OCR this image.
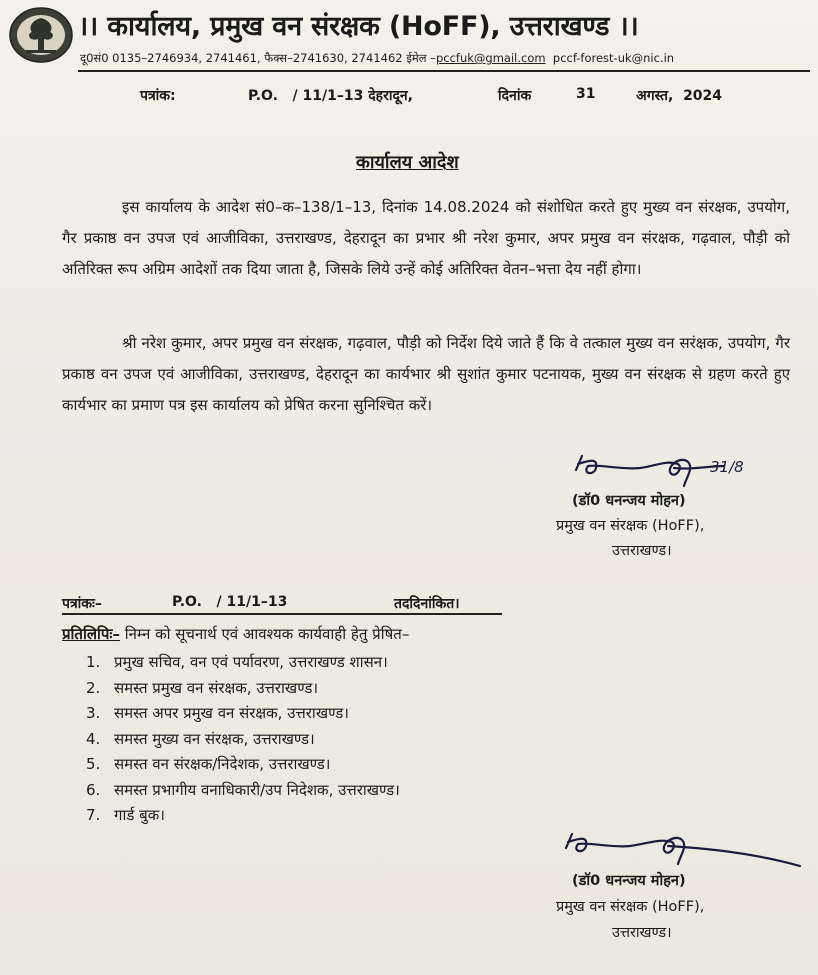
।। कार्यालय, प्रमुख वन संरक्षक (HoFF), उत्तराखण्ड ।।
दू0सं0 0135–2746934, 2741461, फैक्स–2741630, 2741462 ईमेल –pccfuk@gmail.com pccf-forest-uk@nic.in
पत्रांक:	P.O.   / 11/1–13 देहरादून,	दिनांक	31	अगस्त,  2024
कार्यालय आदेश
इस कार्यालय के आदेश सं0–क–138/1–13, दिनांक 14.08.2024 को संशोधित करते हुए मुख्य वन संरक्षक, उपयोग, गैर प्रकाष्ठ वन उपज एवं आजीविका, उत्तराखण्ड, देहरादून का प्रभार श्री नरेश कुमार, अपर प्रमुख वन संरक्षक, गढ़वाल, पौड़ी को अतिरिक्त रूप अग्रिम आदेशों तक दिया जाता है, जिसके लिये उन्हें कोई अतिरिक्त वेतन–भत्ता देय नहीं होगा।
श्री नरेश कुमार, अपर प्रमुख वन संरक्षक, गढ़वाल, पौड़ी को निर्देश दिये जाते हैं कि वे तत्काल मुख्य वन सरंक्षक, उपयोग, गैर प्रकाष्ठ वन उपज एवं आजीविका, उत्तराखण्ड, देहरादून का कार्यभार श्री सुशांत कुमार पटनायक, मुख्य वन संरक्षक से ग्रहण करते हुए कार्यभार का प्रमाण पत्र इस कार्यालय को प्रेषित करना सुनिश्चित करें।
31/8
(डॉ0 धनन्जय मोहन)
प्रमुख वन संरक्षक (HoFF),
उत्तराखण्ड।
पत्रांकः–	P.O.   / 11/1–13	तददिनांकित।
प्रतिलिपिः– निम्न को सूचनार्थ एवं आवश्यक कार्यवाही हेतु प्रेषित–
1. प्रमुख सचिव, वन एवं पर्यावरण, उत्तराखण्ड शासन।
2. समस्त प्रमुख वन संरक्षक, उत्तराखण्ड।
3. समस्त अपर प्रमुख वन संरक्षक, उत्तराखण्ड।
4. समस्त मुख्य वन संरक्षक, उत्तराखण्ड।
5. समस्त वन संरक्षक/निदेशक, उत्तराखण्ड।
6. समस्त प्रभागीय वनाधिकारी/उप निदेशक, उत्तराखण्ड।
7. गार्ड बुक।
(डॉ0 धनन्जय मोहन)
प्रमुख वन संरक्षक (HoFF),
उत्तराखण्ड।
